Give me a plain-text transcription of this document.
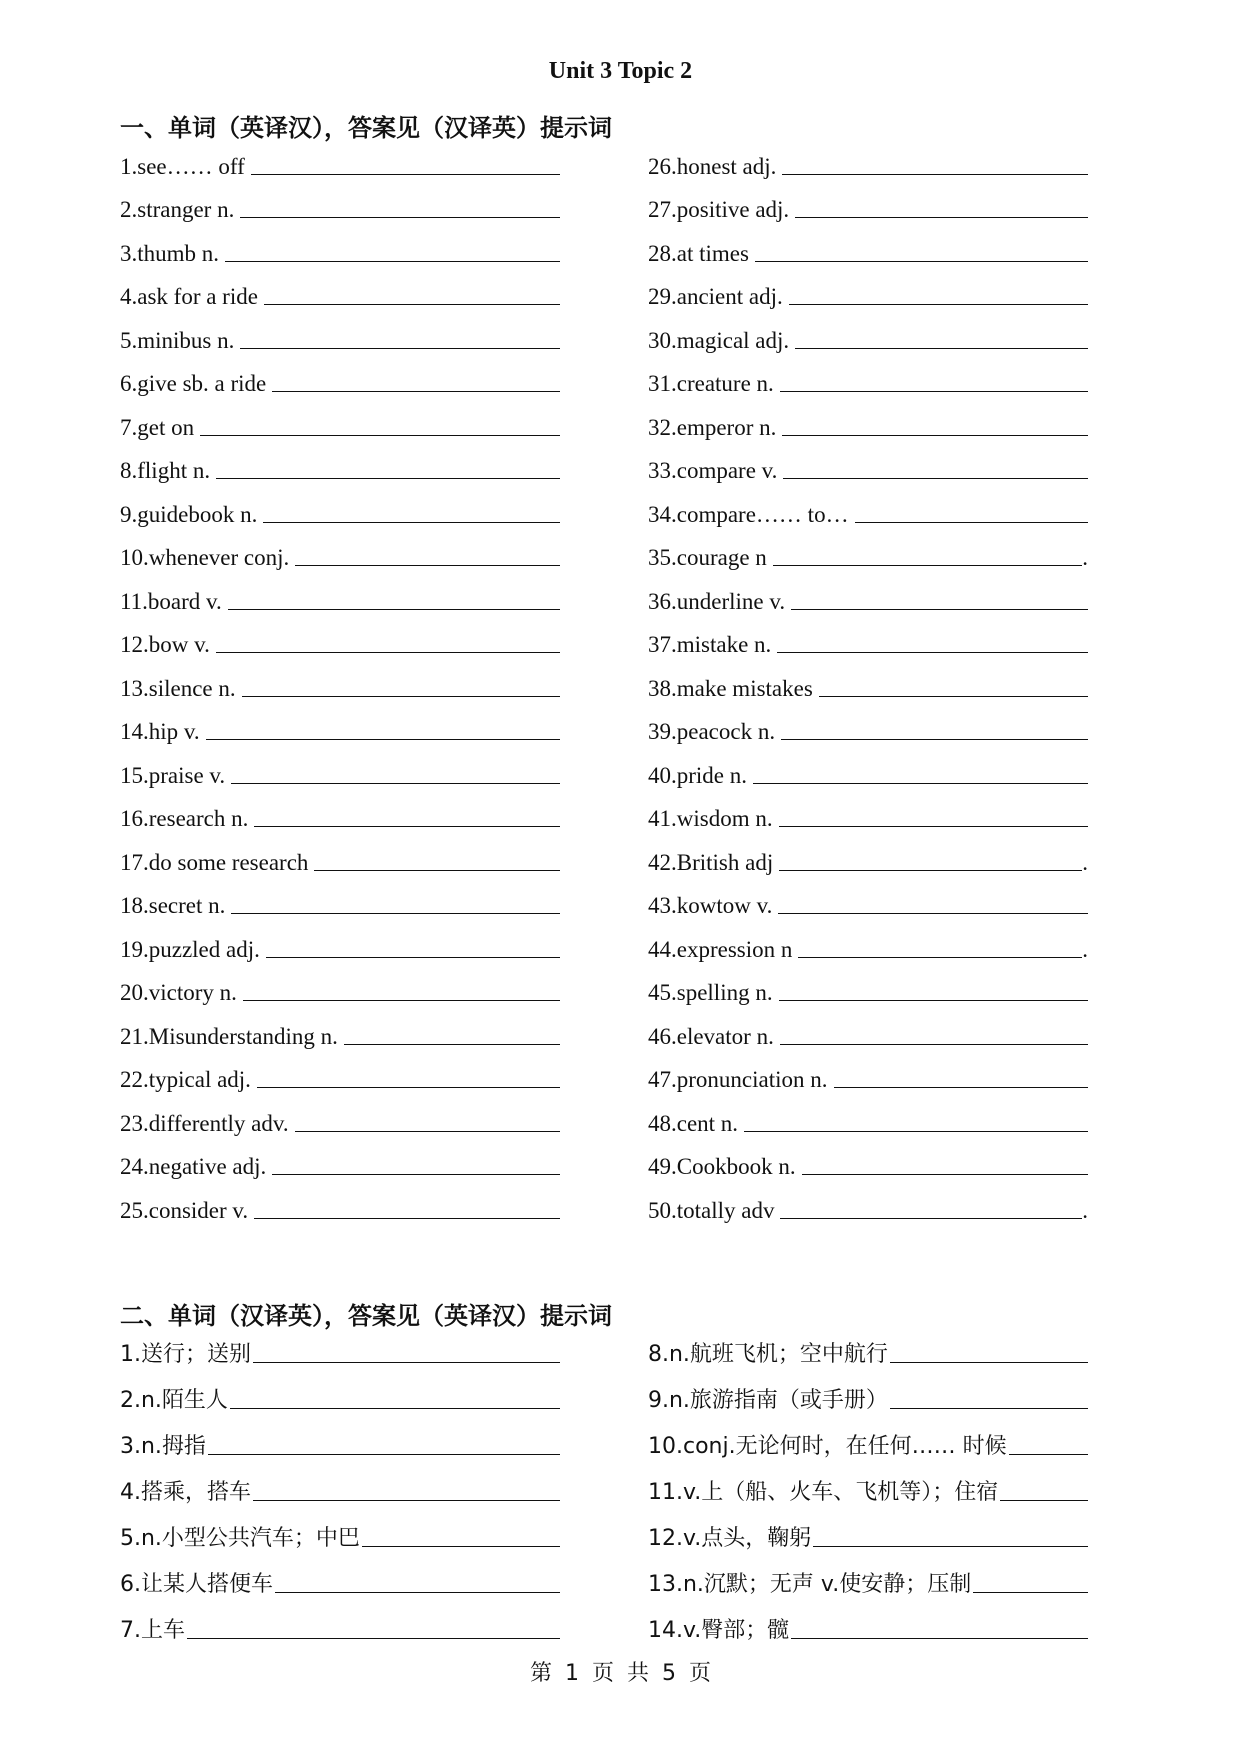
Unit 3 Topic 2
一、单词（英译汉），答案见（汉译英）提示词
1.see…… off
2.stranger n.
3.thumb n.
4.ask for a ride
5.minibus n.
6.give sb. a ride
7.get on
8.flight n.
9.guidebook n.
10.whenever conj.
11.board v.
12.bow v.
13.silence n.
14.hip v.
15.praise v.
16.research n.
17.do some research
18.secret n.
19.puzzled adj.
20.victory n.
21.Misunderstanding n.
22.typical adj.
23.differently adv.
24.negative adj.
25.consider v.
26.honest adj.
27.positive adj.
28.at times
29.ancient adj.
30.magical adj.
31.creature n.
32.emperor n.
33.compare v.
34.compare…… to…
35.courage n	.
36.underline v.
37.mistake n.
38.make mistakes
39.peacock n.
40.pride n.
41.wisdom n.
42.British adj	.
43.kowtow v.
44.expression n	.
45.spelling n.
46.elevator n.
47.pronunciation n.
48.cent n.
49.Cookbook n.
50.totally adv	.
二、单词（汉译英），答案见（英译汉）提示词
1.送行；送别
2.n.陌生人
3.n.拇指
4.搭乘，搭车
5.n.小型公共汽车；中巴
6.让某人搭便车
7.上车
8.n.航班飞机；空中航行
9.n.旅游指南（或手册）
10.conj.无论何时，在任何…… 时候
11.v.上（船、火车、飞机等）；住宿
12.v.点头，鞠躬
13.n.沉默；无声 v.使安静；压制
14.v.臀部；髋
第 1 页 共 5 页
